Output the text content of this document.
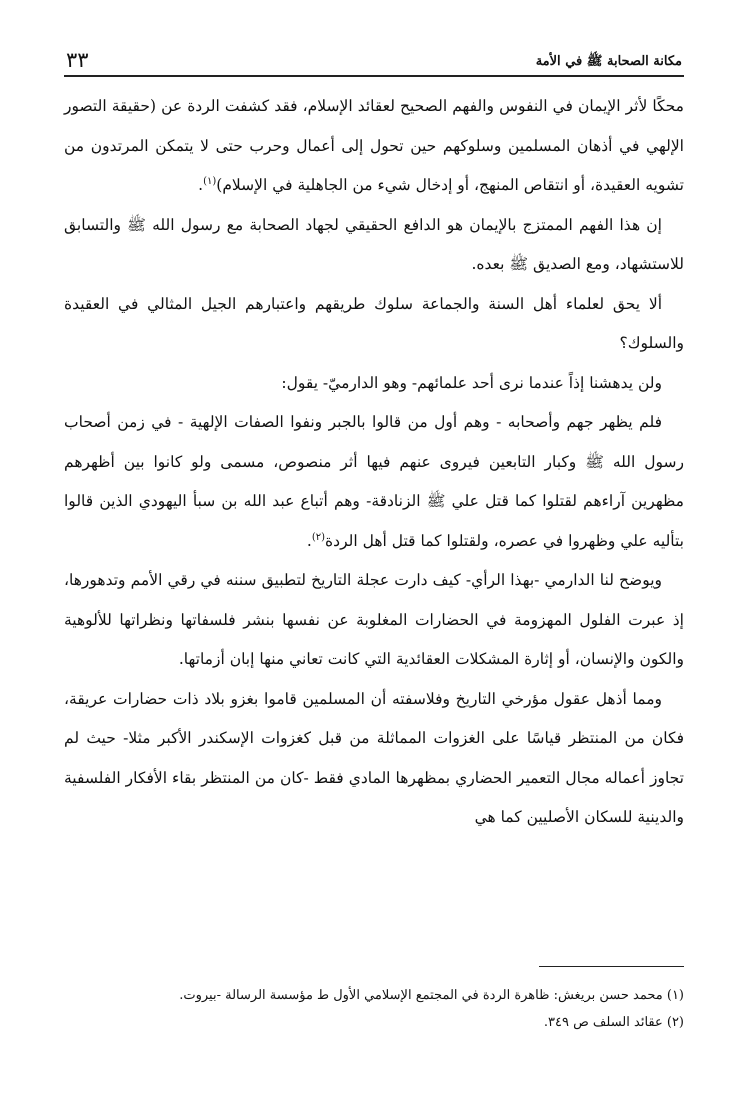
مكانة الصحابة ﷺ في الأمة
٣٣

محكًا لأثر الإيمان في النفوس والفهم الصحيح لعقائد الإسلام، فقد كشفت الردة عن (حقيقة التصور الإلهي في أذهان المسلمين وسلوكهم حين تحول إلى أعمال وحرب حتى لا يتمكن المرتدون من تشويه العقيدة، أو انتقاص المنهج، أو إدخال شيء من الجاهلية في الإسلام)$^{(١)}$.

إن هذا الفهم الممتزج بالإيمان هو الدافع الحقيقي لجهاد الصحابة مع رسول الله ﷺ والتسابق للاستشهاد، ومع الصديق ﷺ بعده.

ألا يحق لعلماء أهل السنة والجماعة سلوك طريقهم واعتبارهم الجيل المثالي في العقيدة والسلوك؟

ولن يدهشنا إذاً عندما نرى أحد علمائهم- وهو الدارميّ- يقول:

فلم يظهر جهم وأصحابه - وهم أول من قالوا بالجبر ونفوا الصفات الإلهية - في زمن أصحاب رسول الله ﷺ وكبار التابعين فيروى عنهم فيها أثر منصوص، مسمى ولو كانوا بين أظهرهم مظهرين آراءهم لقتلوا كما قتل علي ﷺ الزنادقة- وهم أتباع عبد الله بن سبأ اليهودي الذين قالوا بتأليه علي وظهروا في عصره، ولقتلوا كما قتل أهل الردة$^{(٢)}$.

ويوضح لنا الدارمي -بهذا الرأي- كيف دارت عجلة التاريخ لتطبيق سننه في رقي الأمم وتدهورها، إذ عبرت الفلول المهزومة في الحضارات المغلوبة عن نفسها بنشر فلسفاتها ونظراتها للألوهية والكون والإنسان، أو إثارة المشكلات العقائدية التي كانت تعاني منها إبان أزماتها.

ومما أذهل عقول مؤرخي التاريخ وفلاسفته أن المسلمين قاموا بغزو بلاد ذات حضارات عريقة، فكان من المنتظر قياسًا على الغزوات المماثلة من قبل كغزوات الإسكندر الأكبر مثلا- حيث لم تجاوز أعماله مجال التعمير الحضاري بمظهرها المادي فقط -كان من المنتظر بقاء الأفكار الفلسفية والدينية للسكان الأصليين كما هي

(١) محمد حسن بريغش: ظاهرة الردة في المجتمع الإسلامي الأول ط مؤسسة الرسالة -بيروت.

(٢) عقائد السلف ص ٣٤٩.
